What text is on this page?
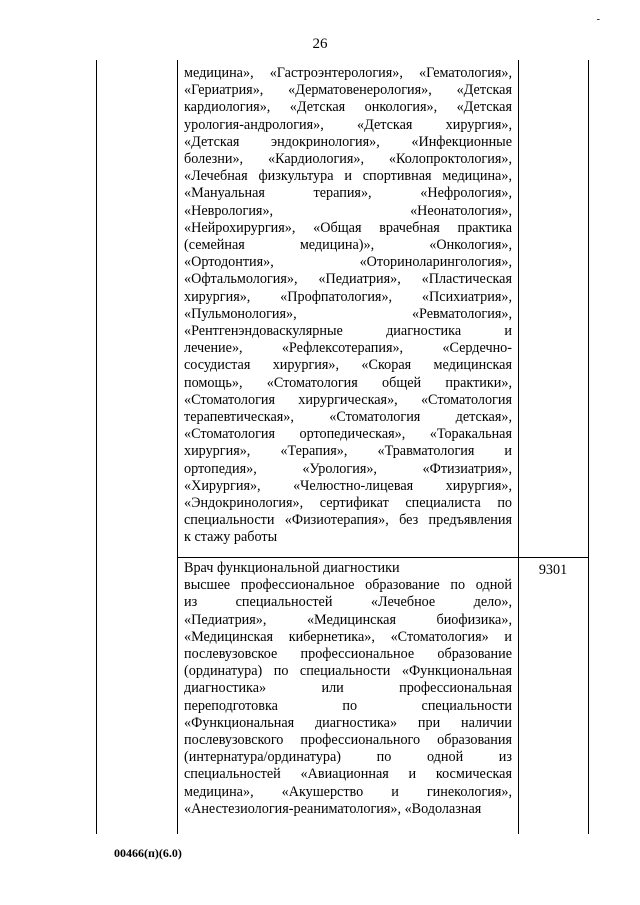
26
-
медицина», «Гастроэнтерология», «Гематология»,
«Гериатрия», «Дерматовенерология», «Детская
кардиология», «Детская онкология», «Детская
урология-андрология», «Детская хирургия»,
«Детская эндокринология», «Инфекционные
болезни», «Кардиология», «Колопроктология»,
«Лечебная физкультура и спортивная медицина»,
«Мануальная терапия», «Нефрология»,
«Неврология», «Неонатология»,
«Нейрохирургия», «Общая врачебная практика
(семейная медицина)», «Онкология»,
«Ортодонтия», «Оториноларингология»,
«Офтальмология», «Педиатрия», «Пластическая
хирургия», «Профпатология», «Психиатрия»,
«Пульмонология», «Ревматология»,
«Рентгенэндоваскулярные диагностика и
лечение», «Рефлексотерапия», «Сердечно-
сосудистая хирургия», «Скорая медицинская
помощь», «Стоматология общей практики»,
«Стоматология хирургическая», «Стоматология
терапевтическая», «Стоматология детская»,
«Стоматология ортопедическая», «Торакальная
хирургия», «Терапия», «Травматология и
ортопедия», «Урология», «Фтизиатрия»,
«Хирургия», «Челюстно-лицевая хирургия»,
«Эндокринология», сертификат специалиста по
специальности «Физиотерапия», без предъявления
к стажу работы
Врач функциональной диагностики
высшее профессиональное образование по одной
из специальностей «Лечебное дело»,
«Педиатрия», «Медицинская биофизика»,
«Медицинская кибернетика», «Стоматология» и
послевузовское профессиональное образование
(ординатура) по специальности «Функциональная
диагностика» или профессиональная
переподготовка по специальности
«Функциональная диагностика» при наличии
послевузовского профессионального образования
(интернатура/ординатура) по одной из
специальностей «Авиационная и космическая
медицина», «Акушерство и гинекология»,
«Анестезиология-реаниматология», «Водолазная
9301
00466(п)(6.0)
